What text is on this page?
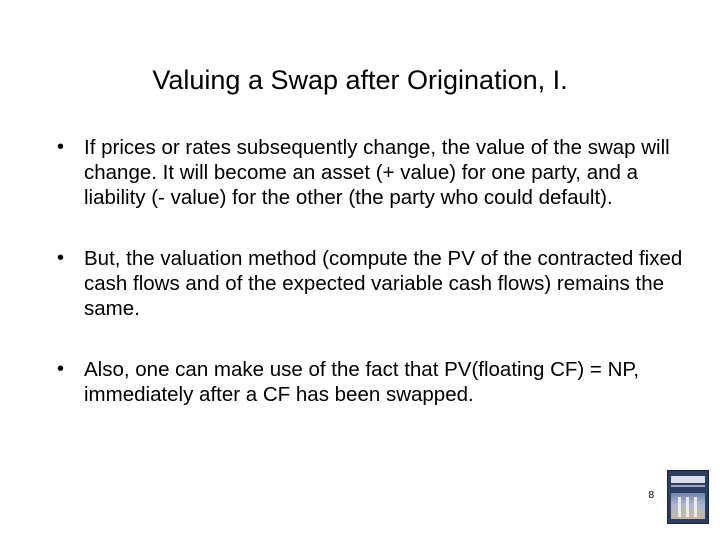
Valuing a Swap after Origination, I.
• If prices or rates subsequently change, the value of the swap will change. It will become an asset (+ value) for one party, and a liability (- value) for the other (the party who could default).
• But, the valuation method (compute the PV of the contracted fixed cash flows and of the expected variable cash flows) remains the same.
• Also, one can make use of the fact that PV(floating CF) = NP, immediately after a CF has been swapped.
8
